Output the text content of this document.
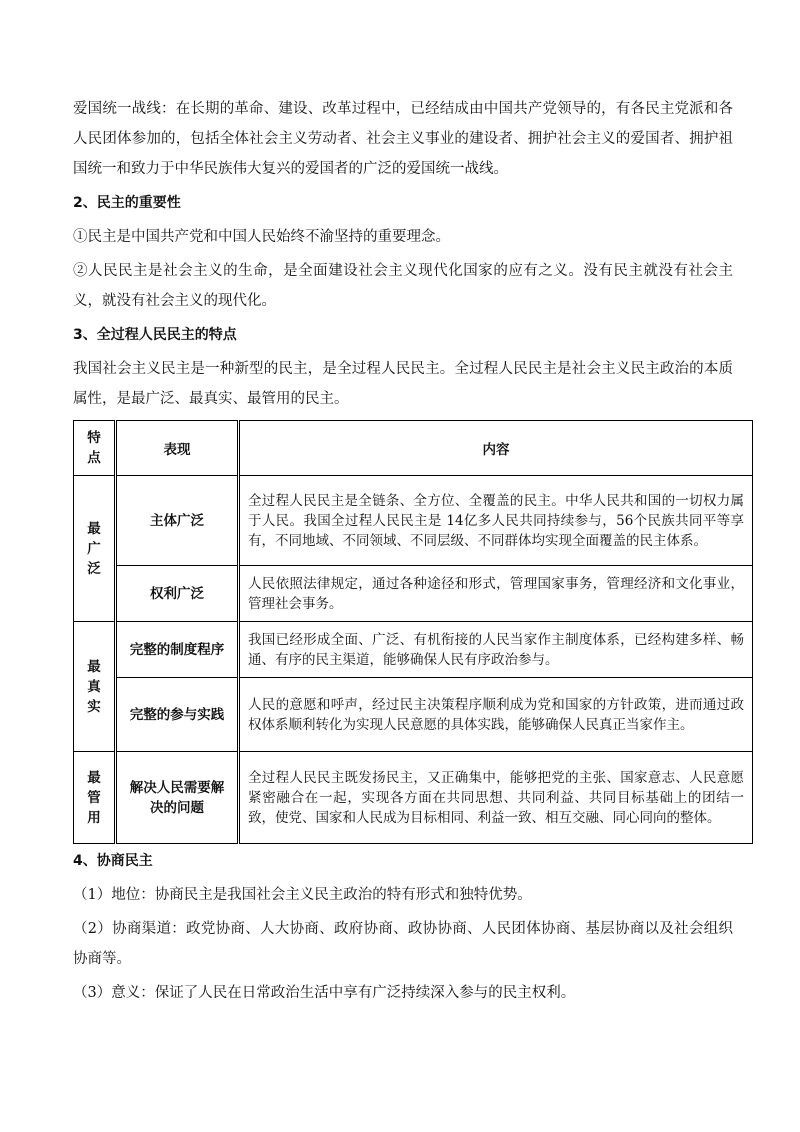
爱国统一战线：在长期的革命、建设、改革过程中，已经结成由中国共产党领导的，有各民主党派和各人民团体参加的，包括全体社会主义劳动者、社会主义事业的建设者、拥护社会主义的爱国者、拥护祖国统一和致力于中华民族伟大复兴的爱国者的广泛的爱国统一战线。

2、民主的重要性

①民主是中国共产党和中国人民始终不渝坚持的重要理念。

②人民民主是社会主义的生命，是全面建设社会主义现代化国家的应有之义。没有民主就没有社会主义，就没有社会主义的现代化。

3、全过程人民民主的特点

我国社会主义民主是一种新型的民主，是全过程人民民主。全过程人民民主是社会主义民主政治的本质属性，是最广泛、最真实、最管用的民主。

特点	表现	内容

最广泛	主体广泛	全过程人民民主是全链条、全方位、全覆盖的民主。中华人民共和国的一切权力属于人民。我国全过程人民民主是 14亿多人民共同持续参与，56个民族共同平等享有，不同地域、不同领域、不同层级、不同群体均实现全面覆盖的民主体系。
	权利广泛	人民依照法律规定，通过各种途径和形式，管理国家事务，管理经济和文化事业，管理社会事务。

最真实	完整的制度程序	我国已经形成全面、广泛、有机衔接的人民当家作主制度体系，已经构建多样、畅通、有序的民主渠道，能够确保人民有序政治参与。
	完整的参与实践	人民的意愿和呼声，经过民主决策程序顺利成为党和国家的方针政策，进而通过政权体系顺利转化为实现人民意愿的具体实践，能够确保人民真正当家作主。

最管用	解决人民需要解决的问题	全过程人民民主既发扬民主，又正确集中，能够把党的主张、国家意志、人民意愿紧密融合在一起，实现各方面在共同思想、共同利益、共同目标基础上的团结一致，使党、国家和人民成为目标相同、利益一致、相互交融、同心同向的整体。

4、协商民主

（1）地位：协商民主是我国社会主义民主政治的特有形式和独特优势。

（2）协商渠道：政党协商、人大协商、政府协商、政协协商、人民团体协商、基层协商以及社会组织协商等。

（3）意义：保证了人民在日常政治生活中享有广泛持续深入参与的民主权利。
